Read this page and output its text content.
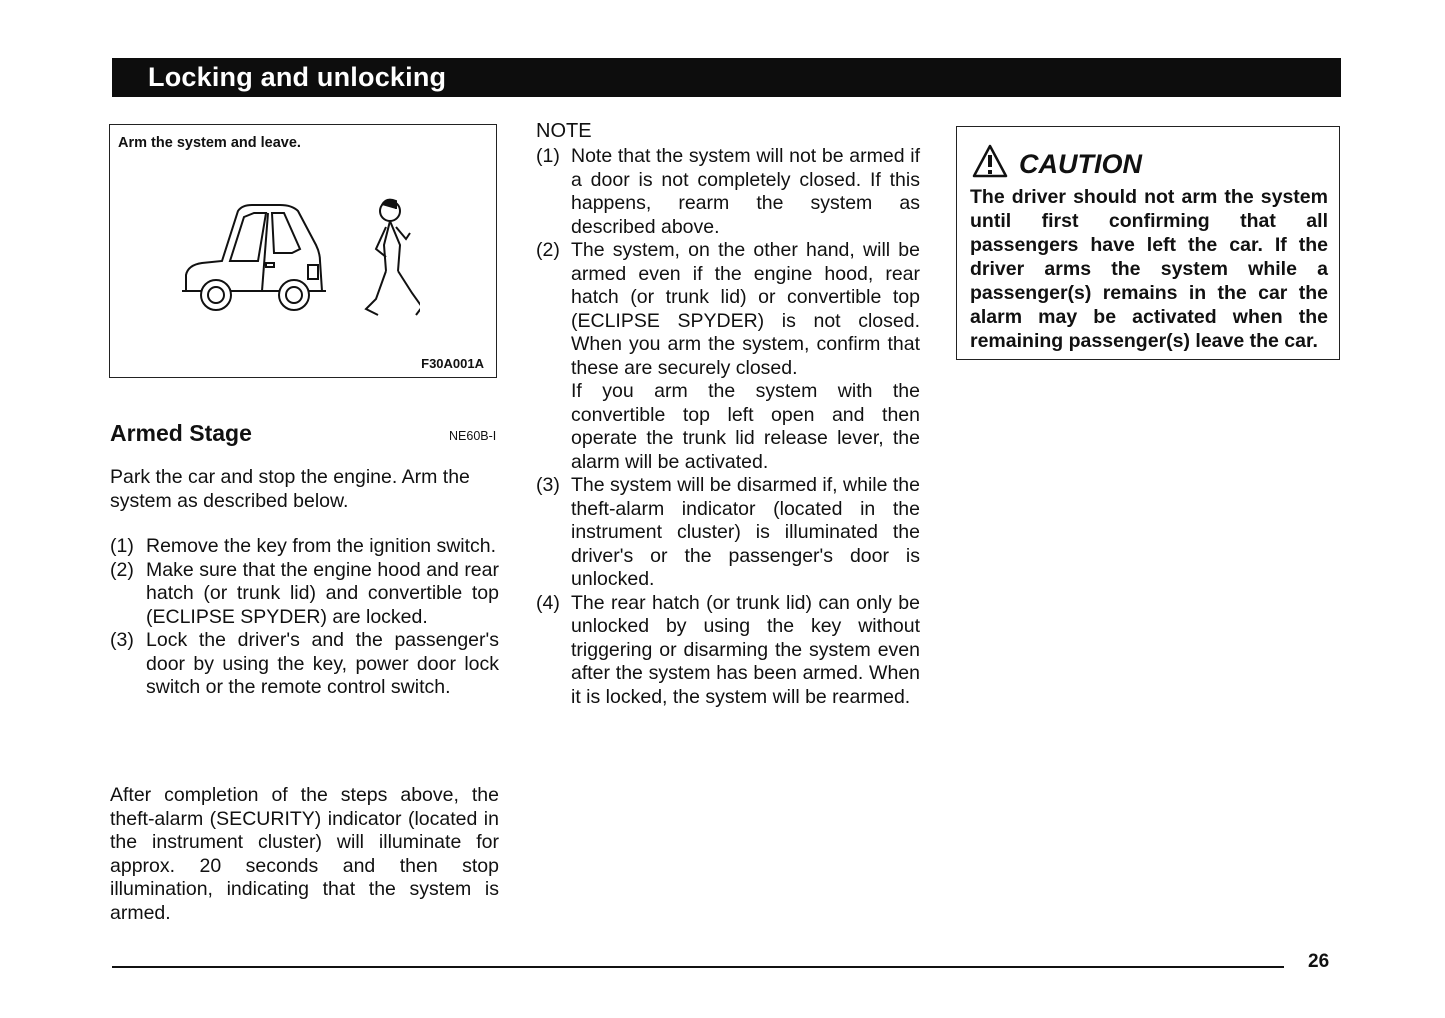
Locking and unlocking
Arm the system and leave.
F30A001A
Armed Stage	NE60B-I

Park the car and stop the engine. Arm the system as described below.

(1) Remove the key from the ignition switch.
(2) Make sure that the engine hood and rear hatch (or trunk lid) and convertible top (ECLIPSE SPYDER) are locked.
(3) Lock the driver's and the passenger's door by using the key, power door lock switch or the remote control switch.

After completion of the steps above, the theft-alarm (SECURITY) indicator (located in the instrument cluster) will illuminate for approx. 20 seconds and then stop illumination, indicating that the system is armed.

NOTE
(1) Note that the system will not be armed if a door is not completely closed. If this happens, rearm the system as described above.
(2) The system, on the other hand, will be armed even if the engine hood, rear hatch (or trunk lid) or convertible top (ECLIPSE SPYDER) is not closed. When you arm the system, confirm that these are securely closed.
If you arm the system with the convertible top left open and then operate the trunk lid release lever, the alarm will be activated.
(3) The system will be disarmed if, while the theft-alarm indicator (located in the instrument cluster) is illuminated the driver's or the passenger's door is unlocked.
(4) The rear hatch (or trunk lid) can only be unlocked by using the key without triggering or disarming the system even after the system has been armed. When it is locked, the system will be rearmed.
CAUTION

The driver should not arm the system until first confirming that all passengers have left the car. If the driver arms the system while a passenger(s) remains in the car the alarm may be activated when the remaining passenger(s) leave the car.

26
